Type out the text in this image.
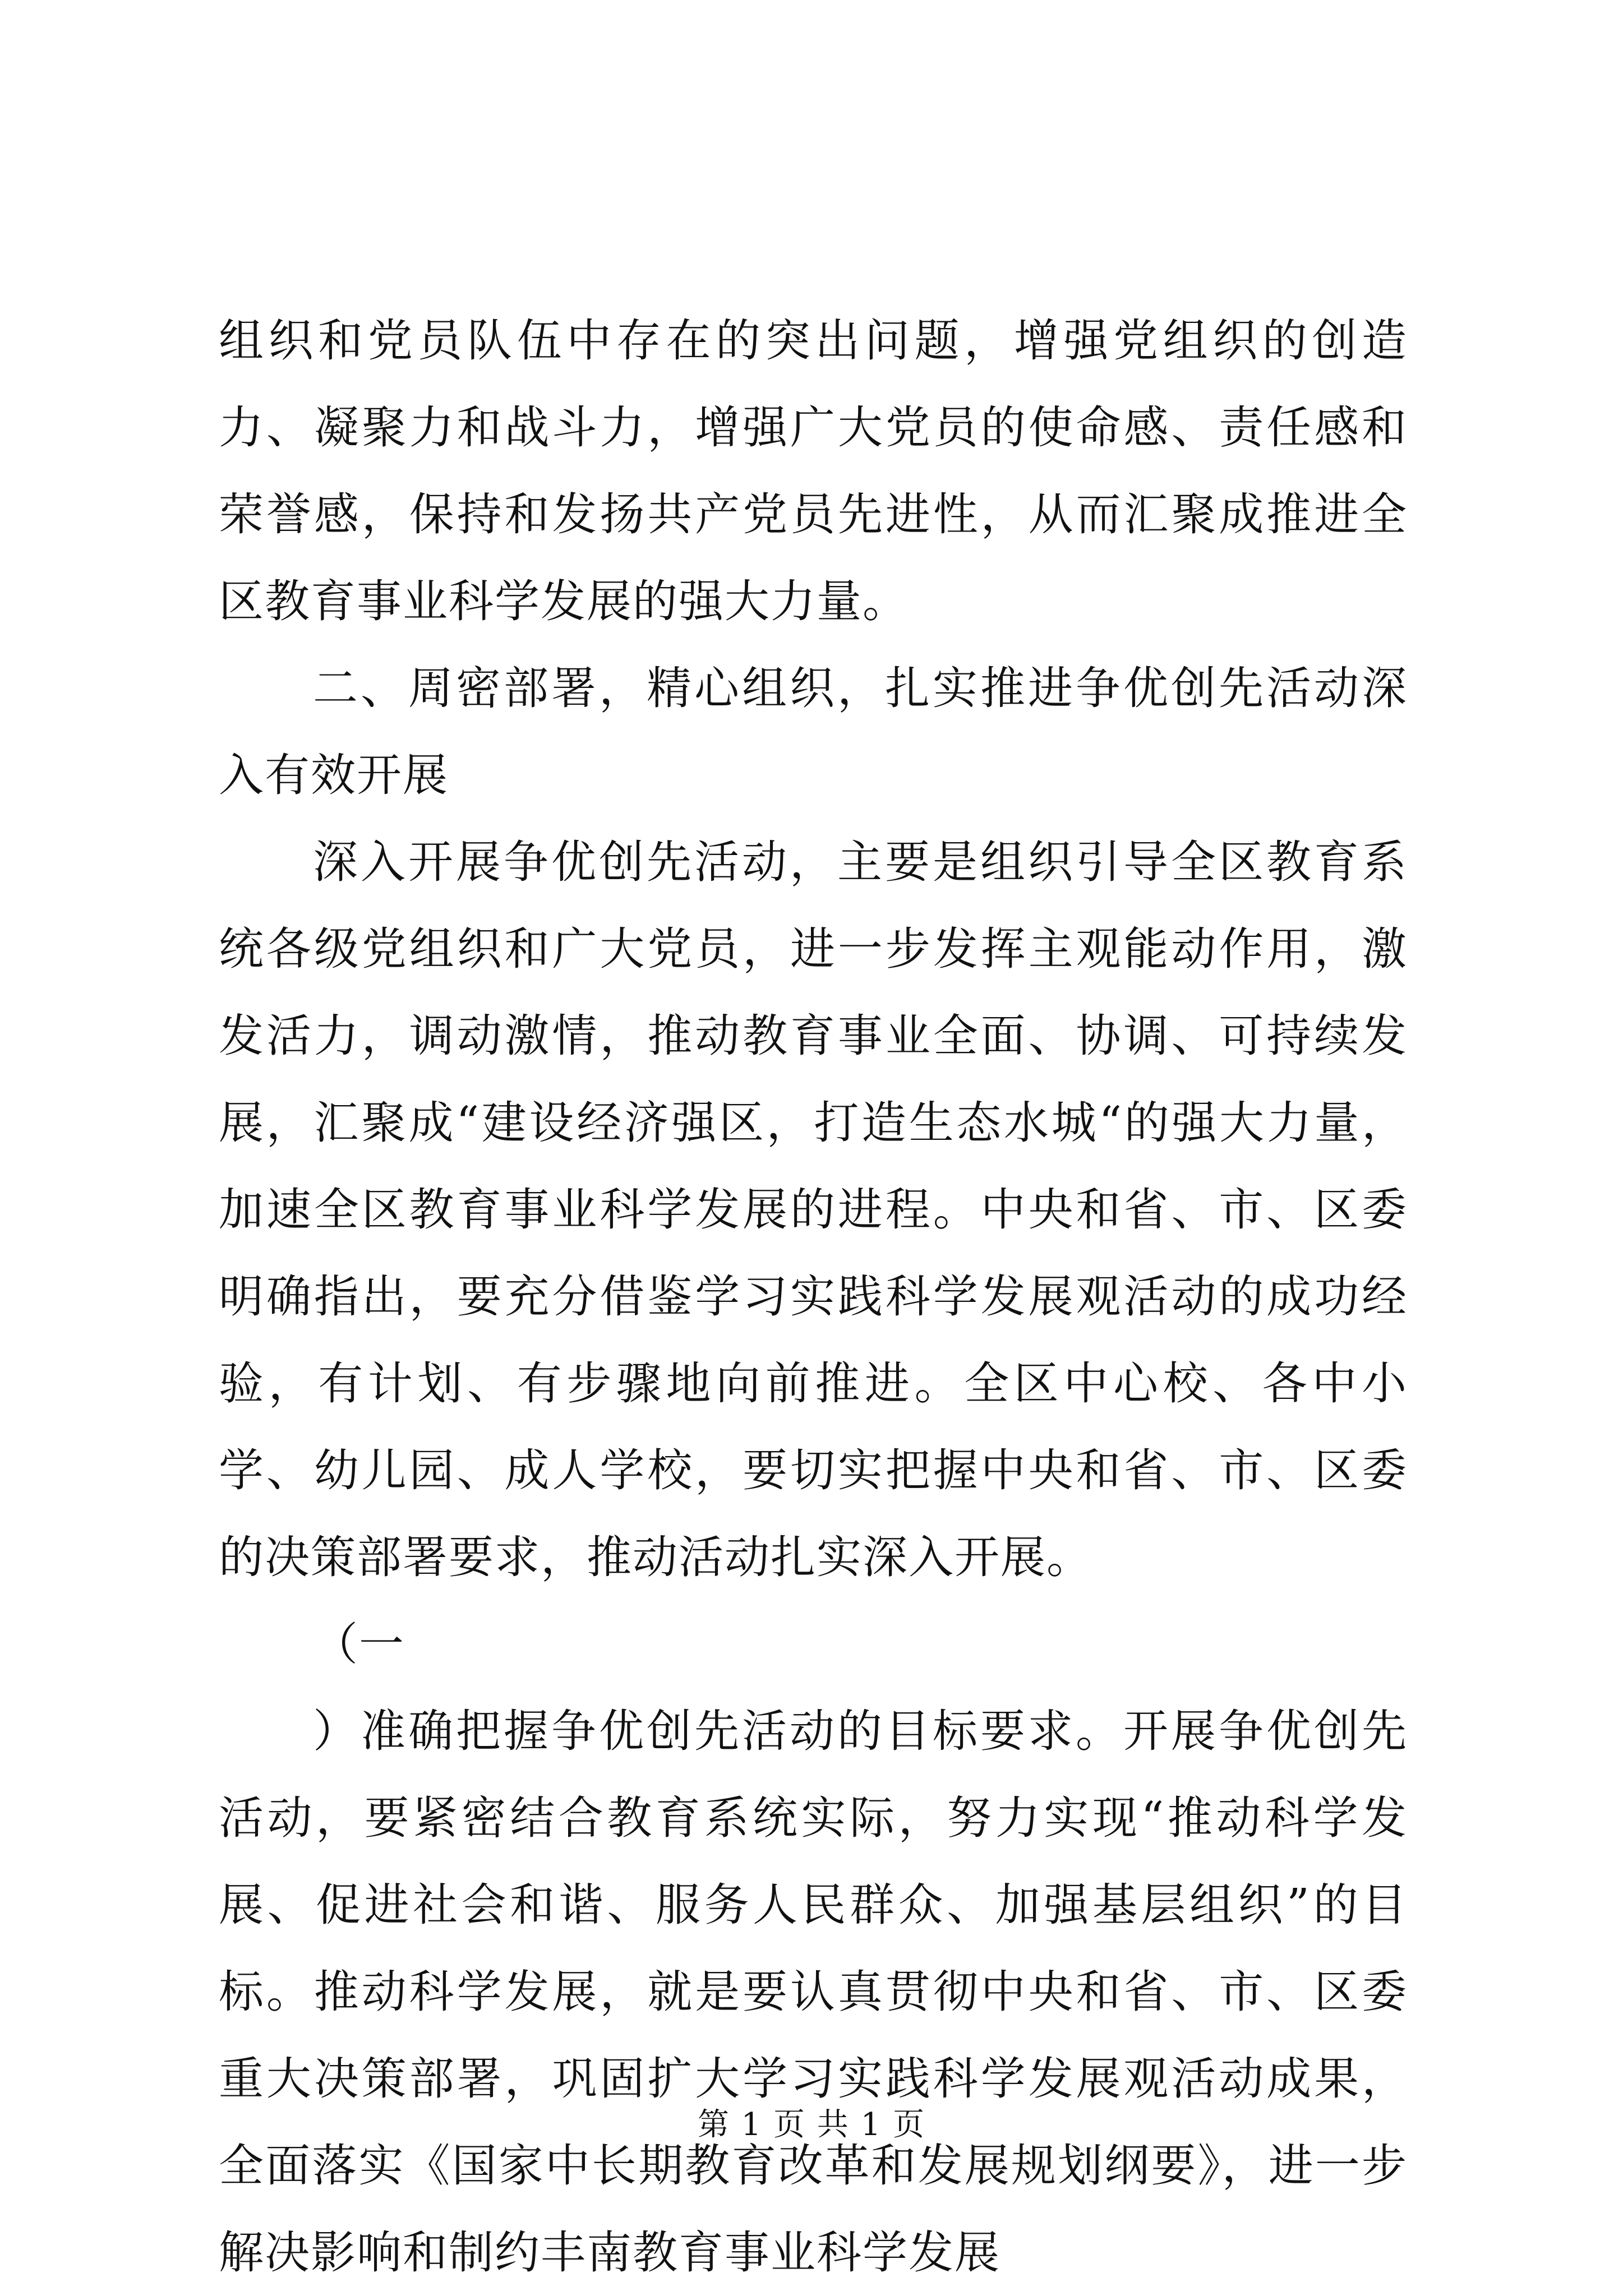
组织和党员队伍中存在的突出问题，增强党组织的创造力、凝聚力和战斗力，增强广大党员的使命感、责任感和荣誉感，保持和发扬共产党员先进性，从而汇聚成推进全区教育事业科学发展的强大力量。

二、周密部署，精心组织，扎实推进争优创先活动深入有效开展

深入开展争优创先活动，主要是组织引导全区教育系统各级党组织和广大党员，进一步发挥主观能动作用，激发活力，调动激情，推动教育事业全面、协调、可持续发展，汇聚成“建设经济强区，打造生态水城“的强大力量，加速全区教育事业科学发展的进程。中央和省、市、区委明确指出，要充分借鉴学习实践科学发展观活动的成功经验，有计划、有步骤地向前推进。全区中心校、各中小学、幼儿园、成人学校，要切实把握中央和省、市、区委的决策部署要求，推动活动扎实深入开展。

（一

）准确把握争优创先活动的目标要求。开展争优创先活动，要紧密结合教育系统实际，努力实现“推动科学发展、促进社会和谐、服务人民群众、加强基层组织”的目标。推动科学发展，就是要认真贯彻中央和省、市、区委重大决策部署，巩固扩大学习实践科学发展观活动成果，全面落实《国家中长期教育改革和发展规划纲要》，进一步解决影响和制约丰南教育事业科学发展

第 1 页 共 1 页
